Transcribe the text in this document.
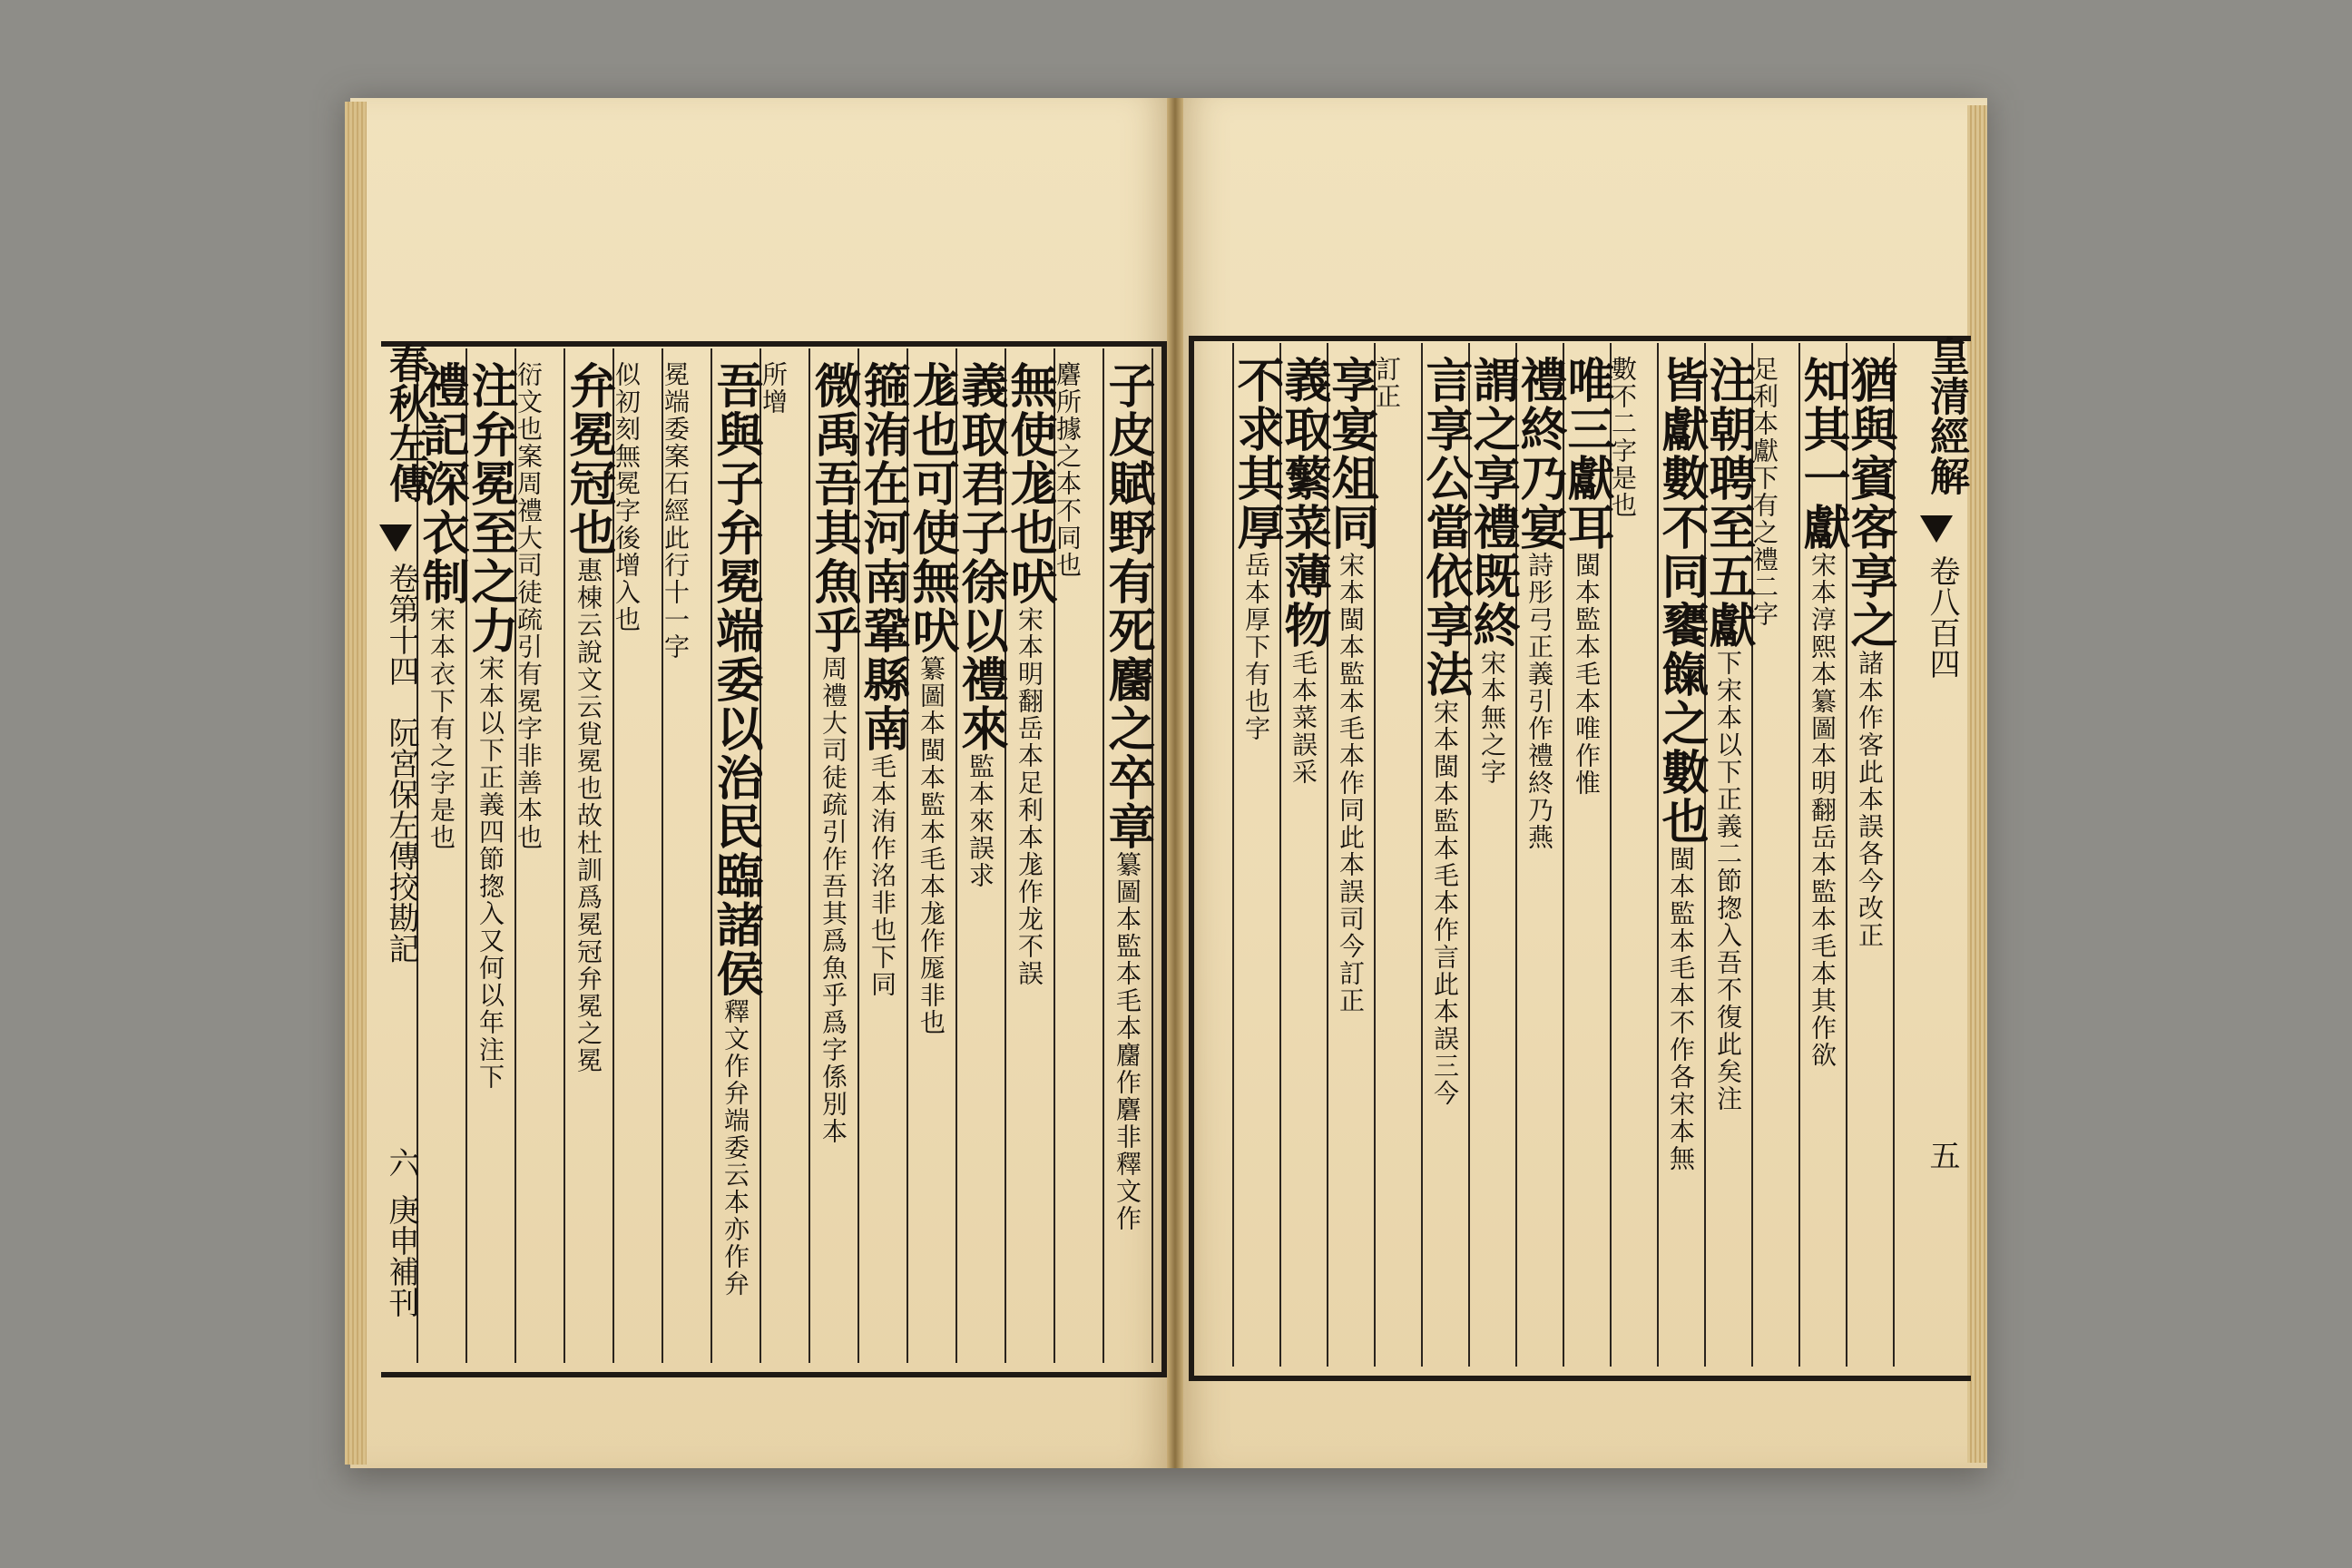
皇清經解
卷八百四
五
猶與賓客享之諸本作客此本誤各今改正
知其一獻宋本淳熙本纂圖本明翻岳本監本毛本其作欲
足利本獻下有之禮二字
注朝聘至五獻下宋本以下正義二節揔入吾不復此矣注
皆獻數不同饔餼之數也閩本監本毛本不作各宋本無
數不二字是也
唯三獻耳閩本監本毛本唯作惟
禮終乃宴詩彤弓正義引作禮終乃燕
謂之享禮既終宋本無之字
言享公當依享法宋本閩本監本毛本作言此本誤三今
訂正
享宴俎同宋本閩本監本毛本作同此本誤司今訂正
義取蘩菜薄物毛本菜誤采
不求其厚岳本厚下有也字
春秋左傳
卷第十四
阮宮保左傳挍勘記
六
庚申補刊
子皮賦野有死麕之卒章纂圖本監本毛本麕作麏非釋文作
麏所據之本不同也
無使尨也吠宋本明翻岳本足利本尨作龙不誤
義取君子徐以禮來監本來誤求
尨也可使無吠纂圖本閩本監本毛本尨作厖非也
箍洧在河南鞏縣南毛本洧作洺非也下同
微禹吾其魚乎周禮大司徒疏引作吾其爲魚乎爲字係別本
所增
吾與子弁冕端委以治民臨諸侯釋文作弁端委云本亦作弁
冕端委案石經此行十一字
似初刻無冕字後增入也
弁冕冠也惠棟云說文云覍冕也故杜訓爲冕冠弁冕之冕
衍文也案周禮大司徒疏引有冕字非善本也
注弁冕至之力宋本以下正義四節揔入又何以年注下
禮記深衣制宋本衣下有之字是也
